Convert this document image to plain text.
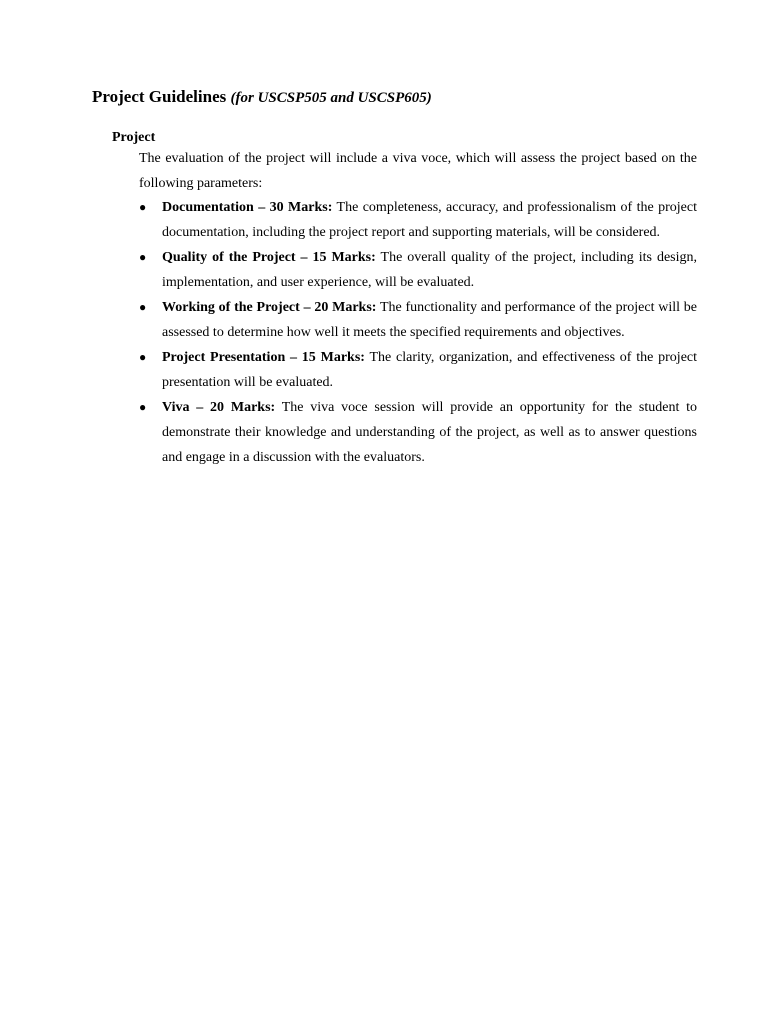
Project Guidelines (for USCSP505 and USCSP605)
Project
The evaluation of the project will include a viva voce, which will assess the project based on the following parameters:
● Documentation – 30 Marks: The completeness, accuracy, and professionalism of the project documentation, including the project report and supporting materials, will be considered.
● Quality of the Project – 15 Marks: The overall quality of the project, including its design, implementation, and user experience, will be evaluated.
● Working of the Project – 20 Marks: The functionality and performance of the project will be assessed to determine how well it meets the specified requirements and objectives.
● Project Presentation – 15 Marks: The clarity, organization, and effectiveness of the project presentation will be evaluated.
● Viva – 20 Marks: The viva voce session will provide an opportunity for the student to demonstrate their knowledge and understanding of the project, as well as to answer questions and engage in a discussion with the evaluators.
